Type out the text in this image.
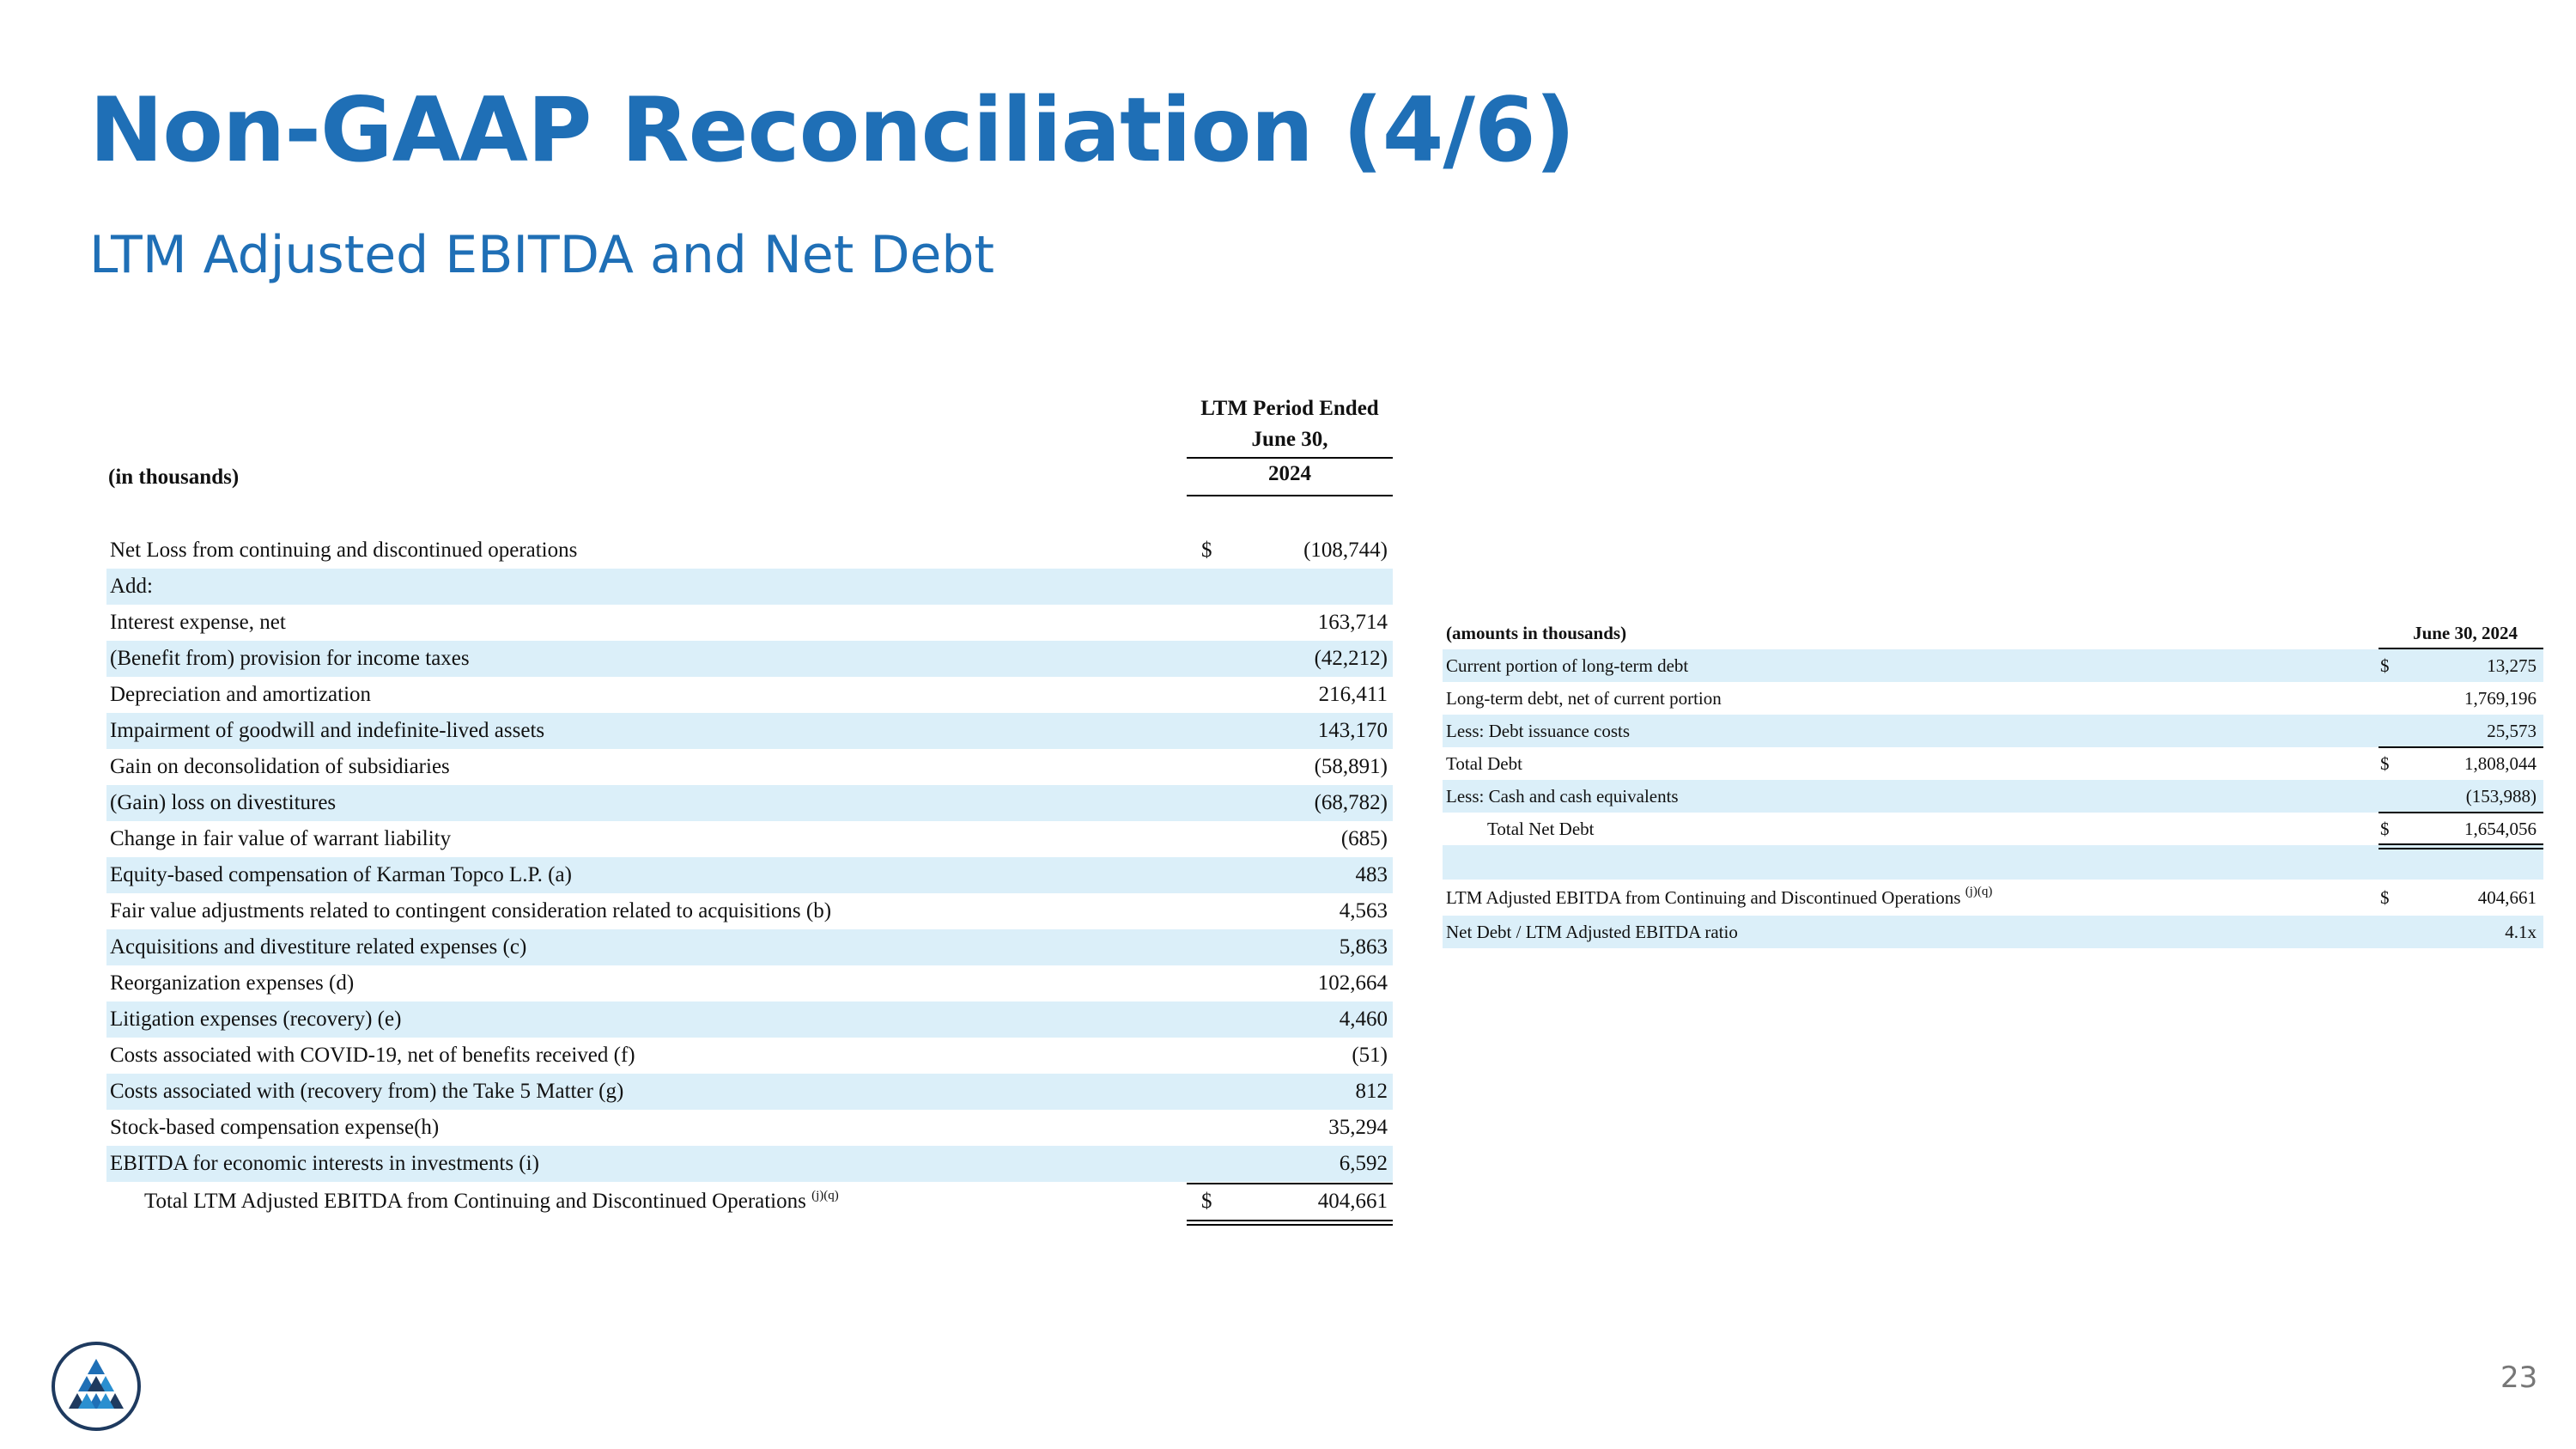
Non-GAAP Reconciliation (4/6)
LTM Adjusted EBITDA and Net Debt
LTM Period Ended
June 30,
(in thousands)	2024
Net Loss from continuing and discontinued operations	$	(108,744)
Add:
Interest expense, net	163,714
(Benefit from) provision for income taxes	(42,212)
Depreciation and amortization	216,411
Impairment of goodwill and indefinite-lived assets	143,170
Gain on deconsolidation of subsidiaries	(58,891)
(Gain) loss on divestitures	(68,782)
Change in fair value of warrant liability	(685)
Equity-based compensation of Karman Topco L.P. (a)	483
Fair value adjustments related to contingent consideration related to acquisitions (b)	4,563
Acquisitions and divestiture related expenses (c)	5,863
Reorganization expenses (d)	102,664
Litigation expenses (recovery) (e)	4,460
Costs associated with COVID-19, net of benefits received (f)	(51)
Costs associated with (recovery from) the Take 5 Matter (g)	812
Stock-based compensation expense(h)	35,294
EBITDA for economic interests in investments (i)	6,592
Total LTM Adjusted EBITDA from Continuing and Discontinued Operations $^{(j)(q)}$	$	404,661
(amounts in thousands)	June 30, 2024
Current portion of long-term debt	$	13,275
Long-term debt, net of current portion	1,769,196
Less: Debt issuance costs	25,573
Total Debt	$	1,808,044
Less: Cash and cash equivalents	(153,988)
Total Net Debt	$	1,654,056
LTM Adjusted EBITDA from Continuing and Discontinued Operations $^{(j)(q)}$	$	404,661
Net Debt / LTM Adjusted EBITDA ratio	4.1x
23
